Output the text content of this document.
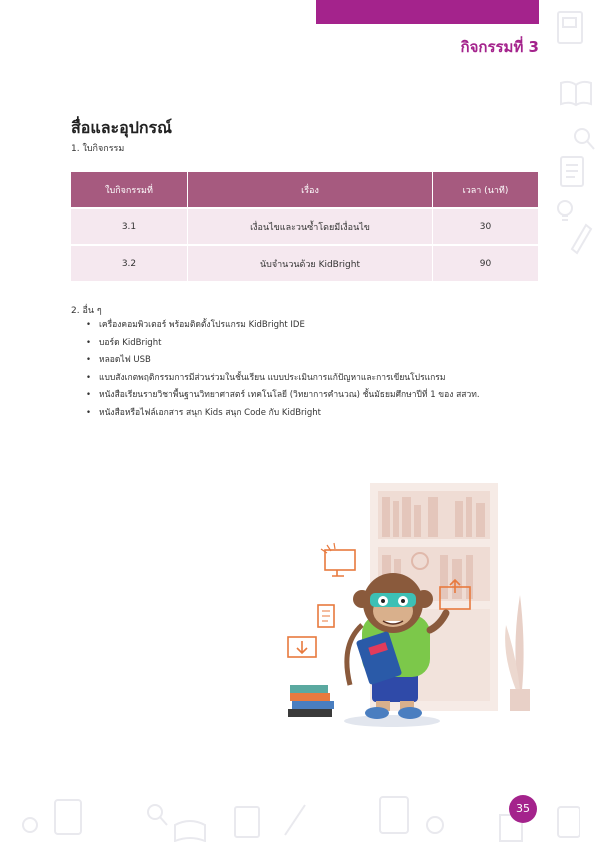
กิจกรรมที่ 3
สื่อและอุปกรณ์
1. ใบกิจกรรม
ใบกิจกรรมที่	เรื่อง	เวลา (นาที)
3.1	เงื่อนไขและวนซ้ำโดยมีเงื่อนไข	30
3.2	นับจำนวนด้วย KidBright	90
2. อื่น ๆ
• เครื่องคอมพิวเตอร์ พร้อมติดตั้งโปรแกรม KidBright IDE
• บอร์ด KidBright
• หลอดไฟ USB
• แบบสังเกตพฤติกรรมการมีส่วนร่วมในชั้นเรียน แบบประเมินการแก้ปัญหาและการเขียนโปรแกรม
• หนังสือเรียนรายวิชาพื้นฐานวิทยาศาสตร์ เทคโนโลยี (วิทยาการคำนวณ) ชั้นมัธยมศึกษาปีที่ 1 ของ สสวท.
• หนังสือหรือไฟล์เอกสาร สนุก Kids สนุก Code กับ KidBright
35
